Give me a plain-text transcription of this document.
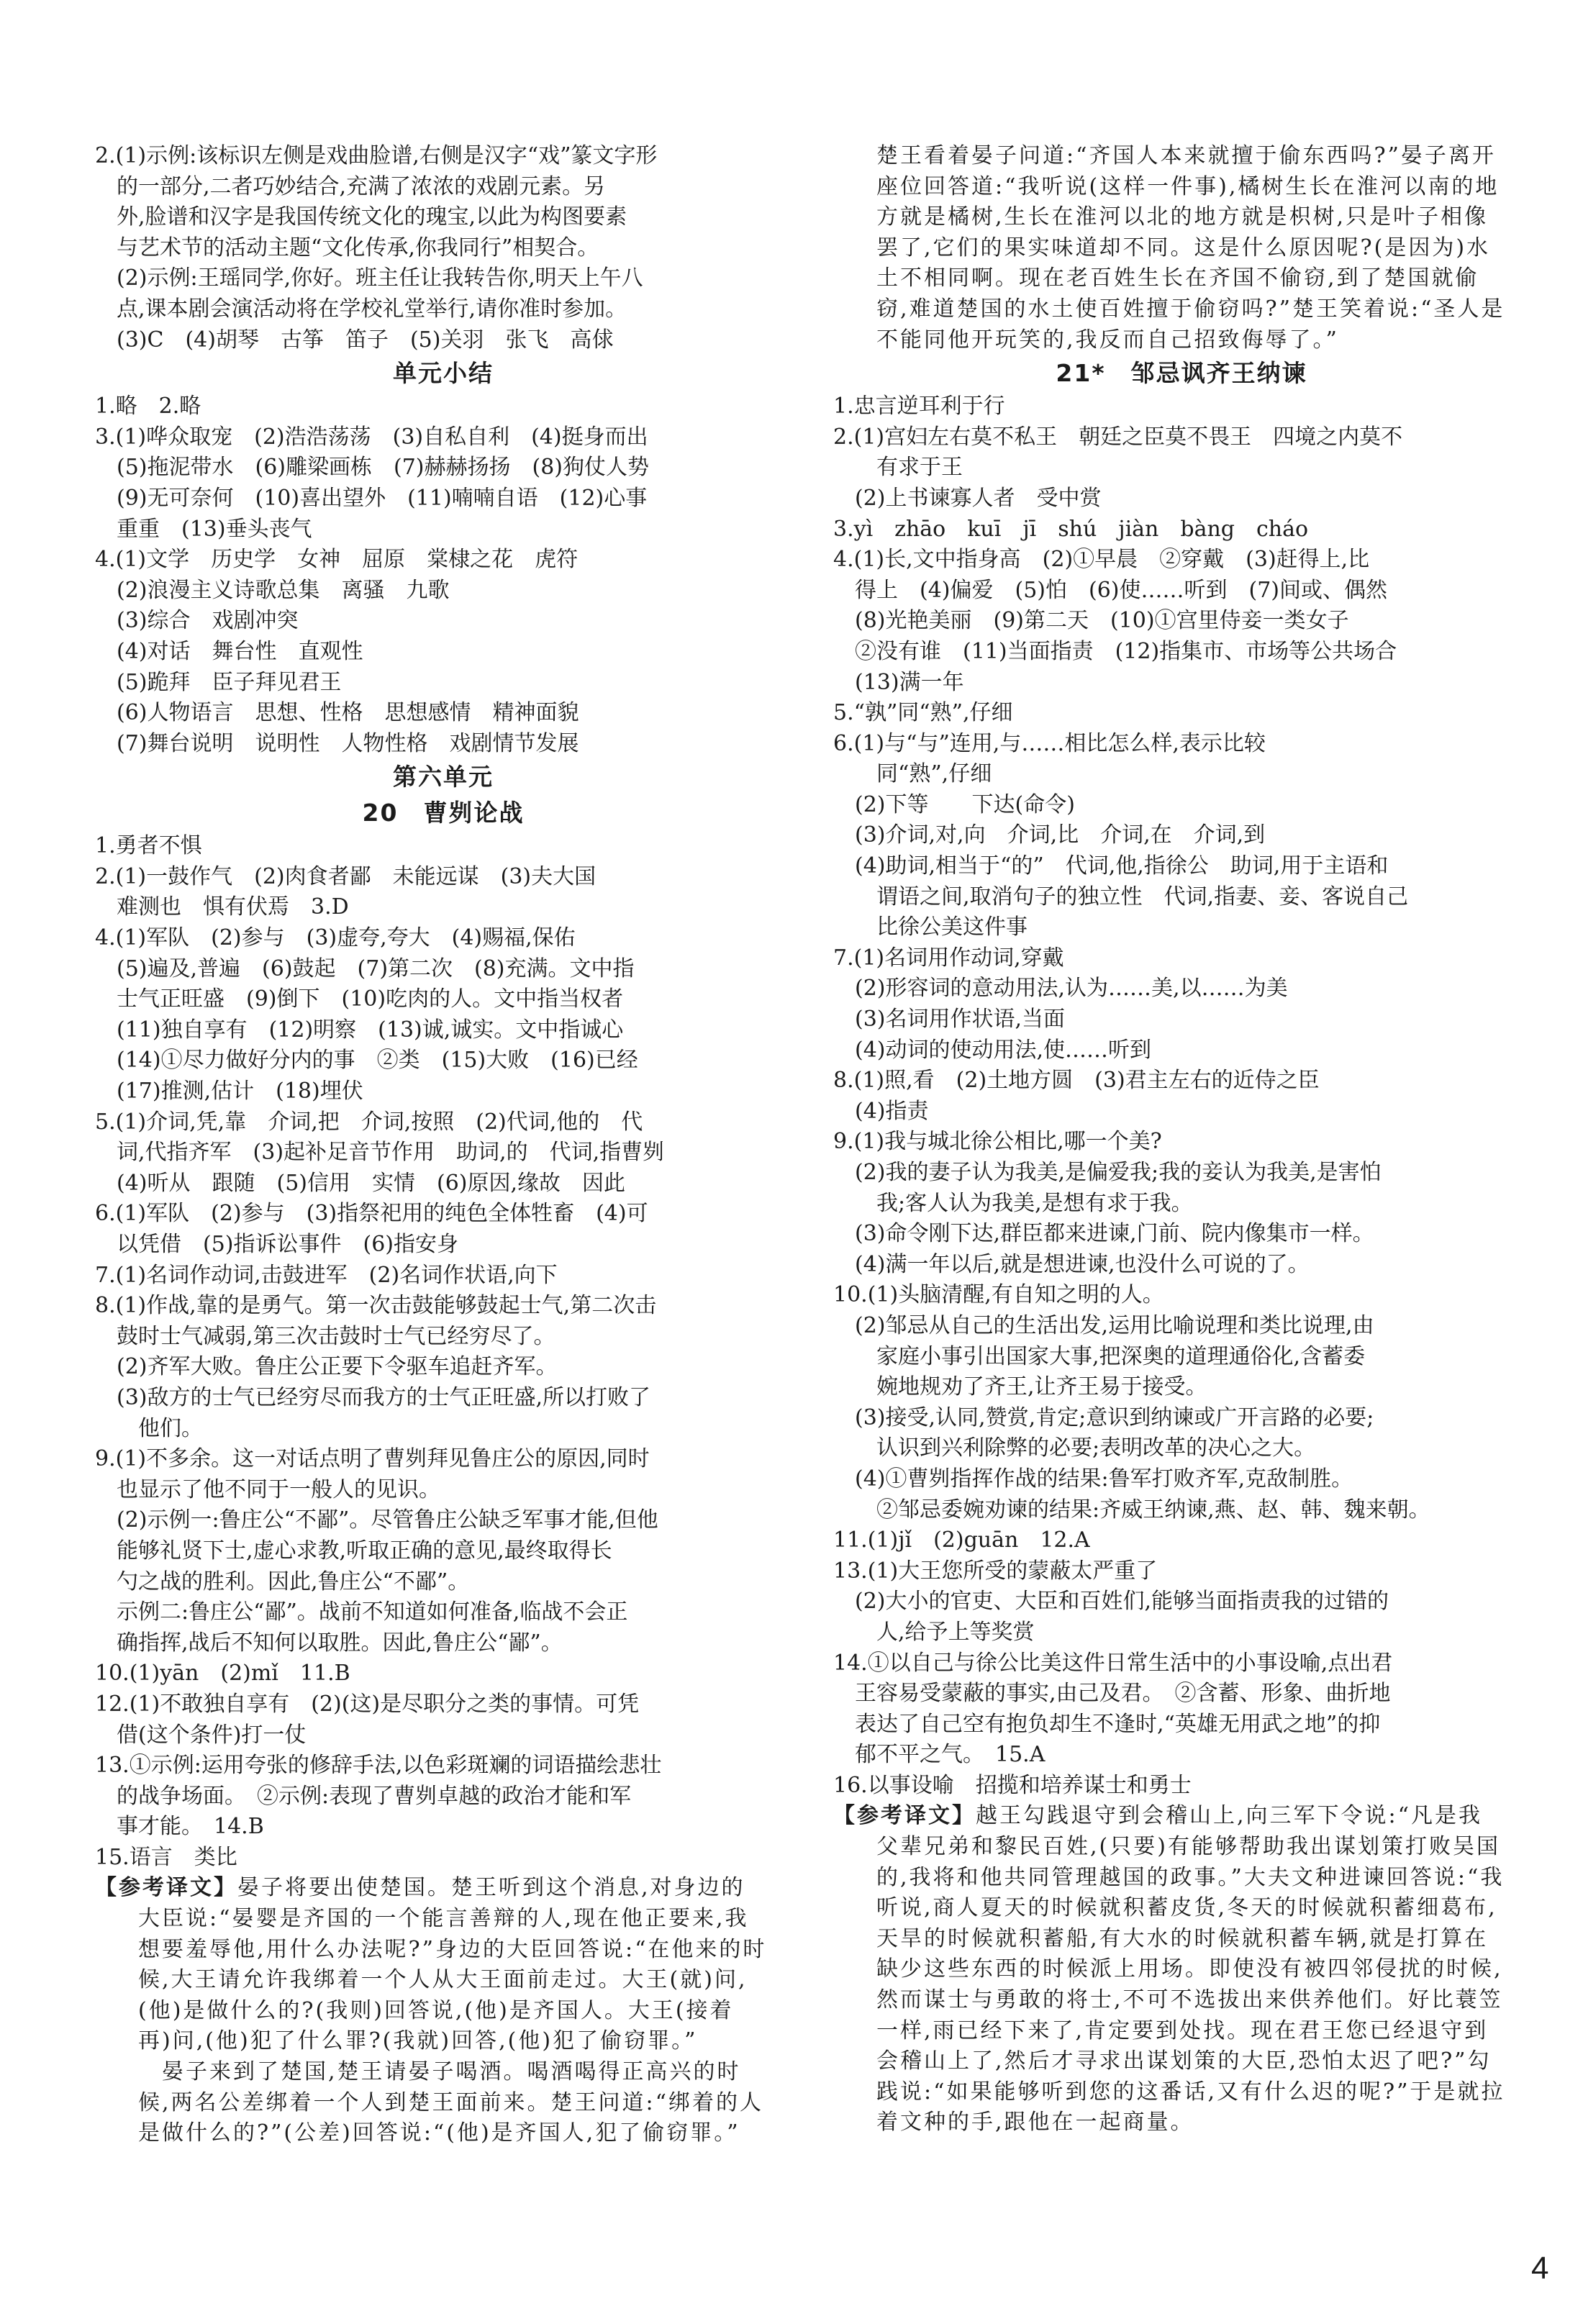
2.(1)示例:该标识左侧是戏曲脸谱,右侧是汉字“戏”篆文字形

的一部分,二者巧妙结合,充满了浓浓的戏剧元素。另

外,脸谱和汉字是我国传统文化的瑰宝,以此为构图要素

与艺术节的活动主题“文化传承,你我同行”相契合。

(2)示例:王瑶同学,你好。班主任让我转告你,明天上午八

点,课本剧会演活动将在学校礼堂举行,请你准时参加。

(3)C　(4)胡琴　古筝　笛子　(5)关羽　张飞　高俅

单元小结

1.略　2.略

3.(1)哗众取宠　(2)浩浩荡荡　(3)自私自利　(4)挺身而出

(5)拖泥带水　(6)雕梁画栋　(7)赫赫扬扬　(8)狗仗人势

(9)无可奈何　(10)喜出望外　(11)喃喃自语　(12)心事

重重　(13)垂头丧气

4.(1)文学　历史学　女神　屈原　棠棣之花　虎符

(2)浪漫主义诗歌总集　离骚　九歌

(3)综合　戏剧冲突

(4)对话　舞台性　直观性

(5)跪拜　臣子拜见君王

(6)人物语言　思想、性格　思想感情　精神面貌

(7)舞台说明　说明性　人物性格　戏剧情节发展

第六单元
20　曹刿论战

1.勇者不惧

2.(1)一鼓作气　(2)肉食者鄙　未能远谋　(3)夫大国

难测也　惧有伏焉　3.D

4.(1)军队　(2)参与　(3)虚夸,夸大　(4)赐福,保佑

(5)遍及,普遍　(6)鼓起　(7)第二次　(8)充满。文中指

士气正旺盛　(9)倒下　(10)吃肉的人。文中指当权者

(11)独自享有　(12)明察　(13)诚,诚实。文中指诚心

(14)①尽力做好分内的事　②类　(15)大败　(16)已经

(17)推测,估计　(18)埋伏

5.(1)介词,凭,靠　介词,把　介词,按照　(2)代词,他的　代

词,代指齐军　(3)起补足音节作用　助词,的　代词,指曹刿

(4)听从　跟随　(5)信用　实情　(6)原因,缘故　因此

6.(1)军队　(2)参与　(3)指祭祀用的纯色全体牲畜　(4)可

以凭借　(5)指诉讼事件　(6)指安身

7.(1)名词作动词,击鼓进军　(2)名词作状语,向下

8.(1)作战,靠的是勇气。第一次击鼓能够鼓起士气,第二次击

鼓时士气减弱,第三次击鼓时士气已经穷尽了。

(2)齐军大败。鲁庄公正要下令驱车追赶齐军。

(3)敌方的士气已经穷尽而我方的士气正旺盛,所以打败了

他们。

9.(1)不多余。这一对话点明了曹刿拜见鲁庄公的原因,同时

也显示了他不同于一般人的见识。

(2)示例一:鲁庄公“不鄙”。尽管鲁庄公缺乏军事才能,但他

能够礼贤下士,虚心求教,听取正确的意见,最终取得长

勺之战的胜利。因此,鲁庄公“不鄙”。

示例二:鲁庄公“鄙”。战前不知道如何准备,临战不会正

确指挥,战后不知何以取胜。因此,鲁庄公“鄙”。

10.(1)yān　(2)mǐ　11.B

12.(1)不敢独自享有　(2)(这)是尽职分之类的事情。可凭

借(这个条件)打一仗

13.①示例:运用夸张的修辞手法,以色彩斑斓的词语描绘悲壮

的战争场面。　②示例:表现了曹刿卓越的政治才能和军

事才能。　14.B

15.语言　类比

【参考译文】晏子将要出使楚国。楚王听到这个消息,对身边的

大臣说:“晏婴是齐国的一个能言善辩的人,现在他正要来,我

想要羞辱他,用什么办法呢?”身边的大臣回答说:“在他来的时

候,大王请允许我绑着一个人从大王面前走过。大王(就)问,

(他)是做什么的?(我则)回答说,(他)是齐国人。大王(接着

再)问,(他)犯了什么罪?(我就)回答,(他)犯了偷窃罪。”

　晏子来到了楚国,楚王请晏子喝酒。喝酒喝得正高兴的时

候,两名公差绑着一个人到楚王面前来。楚王问道:“绑着的人

是做什么的?”(公差)回答说:“(他)是齐国人,犯了偷窃罪。”

楚王看着晏子问道:“齐国人本来就擅于偷东西吗?”晏子离开

座位回答道:“我听说(这样一件事),橘树生长在淮河以南的地

方就是橘树,生长在淮河以北的地方就是枳树,只是叶子相像

罢了,它们的果实味道却不同。这是什么原因呢?(是因为)水

土不相同啊。现在老百姓生长在齐国不偷窃,到了楚国就偷

窃,难道楚国的水土使百姓擅于偷窃吗?”楚王笑着说:“圣人是

不能同他开玩笑的,我反而自己招致侮辱了。”

21*　邹忌讽齐王纳谏

1.忠言逆耳利于行

2.(1)宫妇左右莫不私王　朝廷之臣莫不畏王　四境之内莫不

有求于王

(2)上书谏寡人者　受中赏

3.yì　zhāo　kuī　jī　shú　jiàn　bàng　cháo

4.(1)长,文中指身高　(2)①早晨　②穿戴　(3)赶得上,比

得上　(4)偏爱　(5)怕　(6)使……听到　(7)间或、偶然

(8)光艳美丽　(9)第二天　(10)①宫里侍妾一类女子

②没有谁　(11)当面指责　(12)指集市、市场等公共场合

(13)满一年

5.“孰”同“熟”,仔细

6.(1)与“与”连用,与……相比怎么样,表示比较

同“熟”,仔细

(2)下等　　下达(命令)

(3)介词,对,向　介词,比　介词,在　介词,到

(4)助词,相当于“的”　代词,他,指徐公　助词,用于主语和

谓语之间,取消句子的独立性　代词,指妻、妾、客说自己

比徐公美这件事

7.(1)名词用作动词,穿戴

(2)形容词的意动用法,认为……美,以……为美

(3)名词用作状语,当面

(4)动词的使动用法,使……听到

8.(1)照,看　(2)土地方圆　(3)君主左右的近侍之臣

(4)指责

9.(1)我与城北徐公相比,哪一个美?

(2)我的妻子认为我美,是偏爱我;我的妾认为我美,是害怕

我;客人认为我美,是想有求于我。

(3)命令刚下达,群臣都来进谏,门前、院内像集市一样。

(4)满一年以后,就是想进谏,也没什么可说的了。

10.(1)头脑清醒,有自知之明的人。

(2)邹忌从自己的生活出发,运用比喻说理和类比说理,由

家庭小事引出国家大事,把深奥的道理通俗化,含蓄委

婉地规劝了齐王,让齐王易于接受。

(3)接受,认同,赞赏,肯定;意识到纳谏或广开言路的必要;

认识到兴利除弊的必要;表明改革的决心之大。

(4)①曹刿指挥作战的结果:鲁军打败齐军,克敌制胜。

②邹忌委婉劝谏的结果:齐威王纳谏,燕、赵、韩、魏来朝。

11.(1)jǐ　(2)guān　12.A

13.(1)大王您所受的蒙蔽太严重了

(2)大小的官吏、大臣和百姓们,能够当面指责我的过错的

人,给予上等奖赏

14.①以自己与徐公比美这件日常生活中的小事设喻,点出君

王容易受蒙蔽的事实,由己及君。　②含蓄、形象、曲折地

表达了自己空有抱负却生不逢时,“英雄无用武之地”的抑

郁不平之气。　15.A

16.以事设喻　招揽和培养谋士和勇士

【参考译文】越王勾践退守到会稽山上,向三军下令说:“凡是我

父辈兄弟和黎民百姓,(只要)有能够帮助我出谋划策打败吴国

的,我将和他共同管理越国的政事。”大夫文种进谏回答说:“我

听说,商人夏天的时候就积蓄皮货,冬天的时候就积蓄细葛布,

天旱的时候就积蓄船,有大水的时候就积蓄车辆,就是打算在

缺少这些东西的时候派上用场。即使没有被四邻侵扰的时候,

然而谋士与勇敢的将士,不可不选拔出来供养他们。好比蓑笠

一样,雨已经下来了,肯定要到处找。现在君王您已经退守到

会稽山上了,然后才寻求出谋划策的大臣,恐怕太迟了吧?”勾

践说:“如果能够听到您的这番话,又有什么迟的呢?”于是就拉

着文种的手,跟他在一起商量。

4
